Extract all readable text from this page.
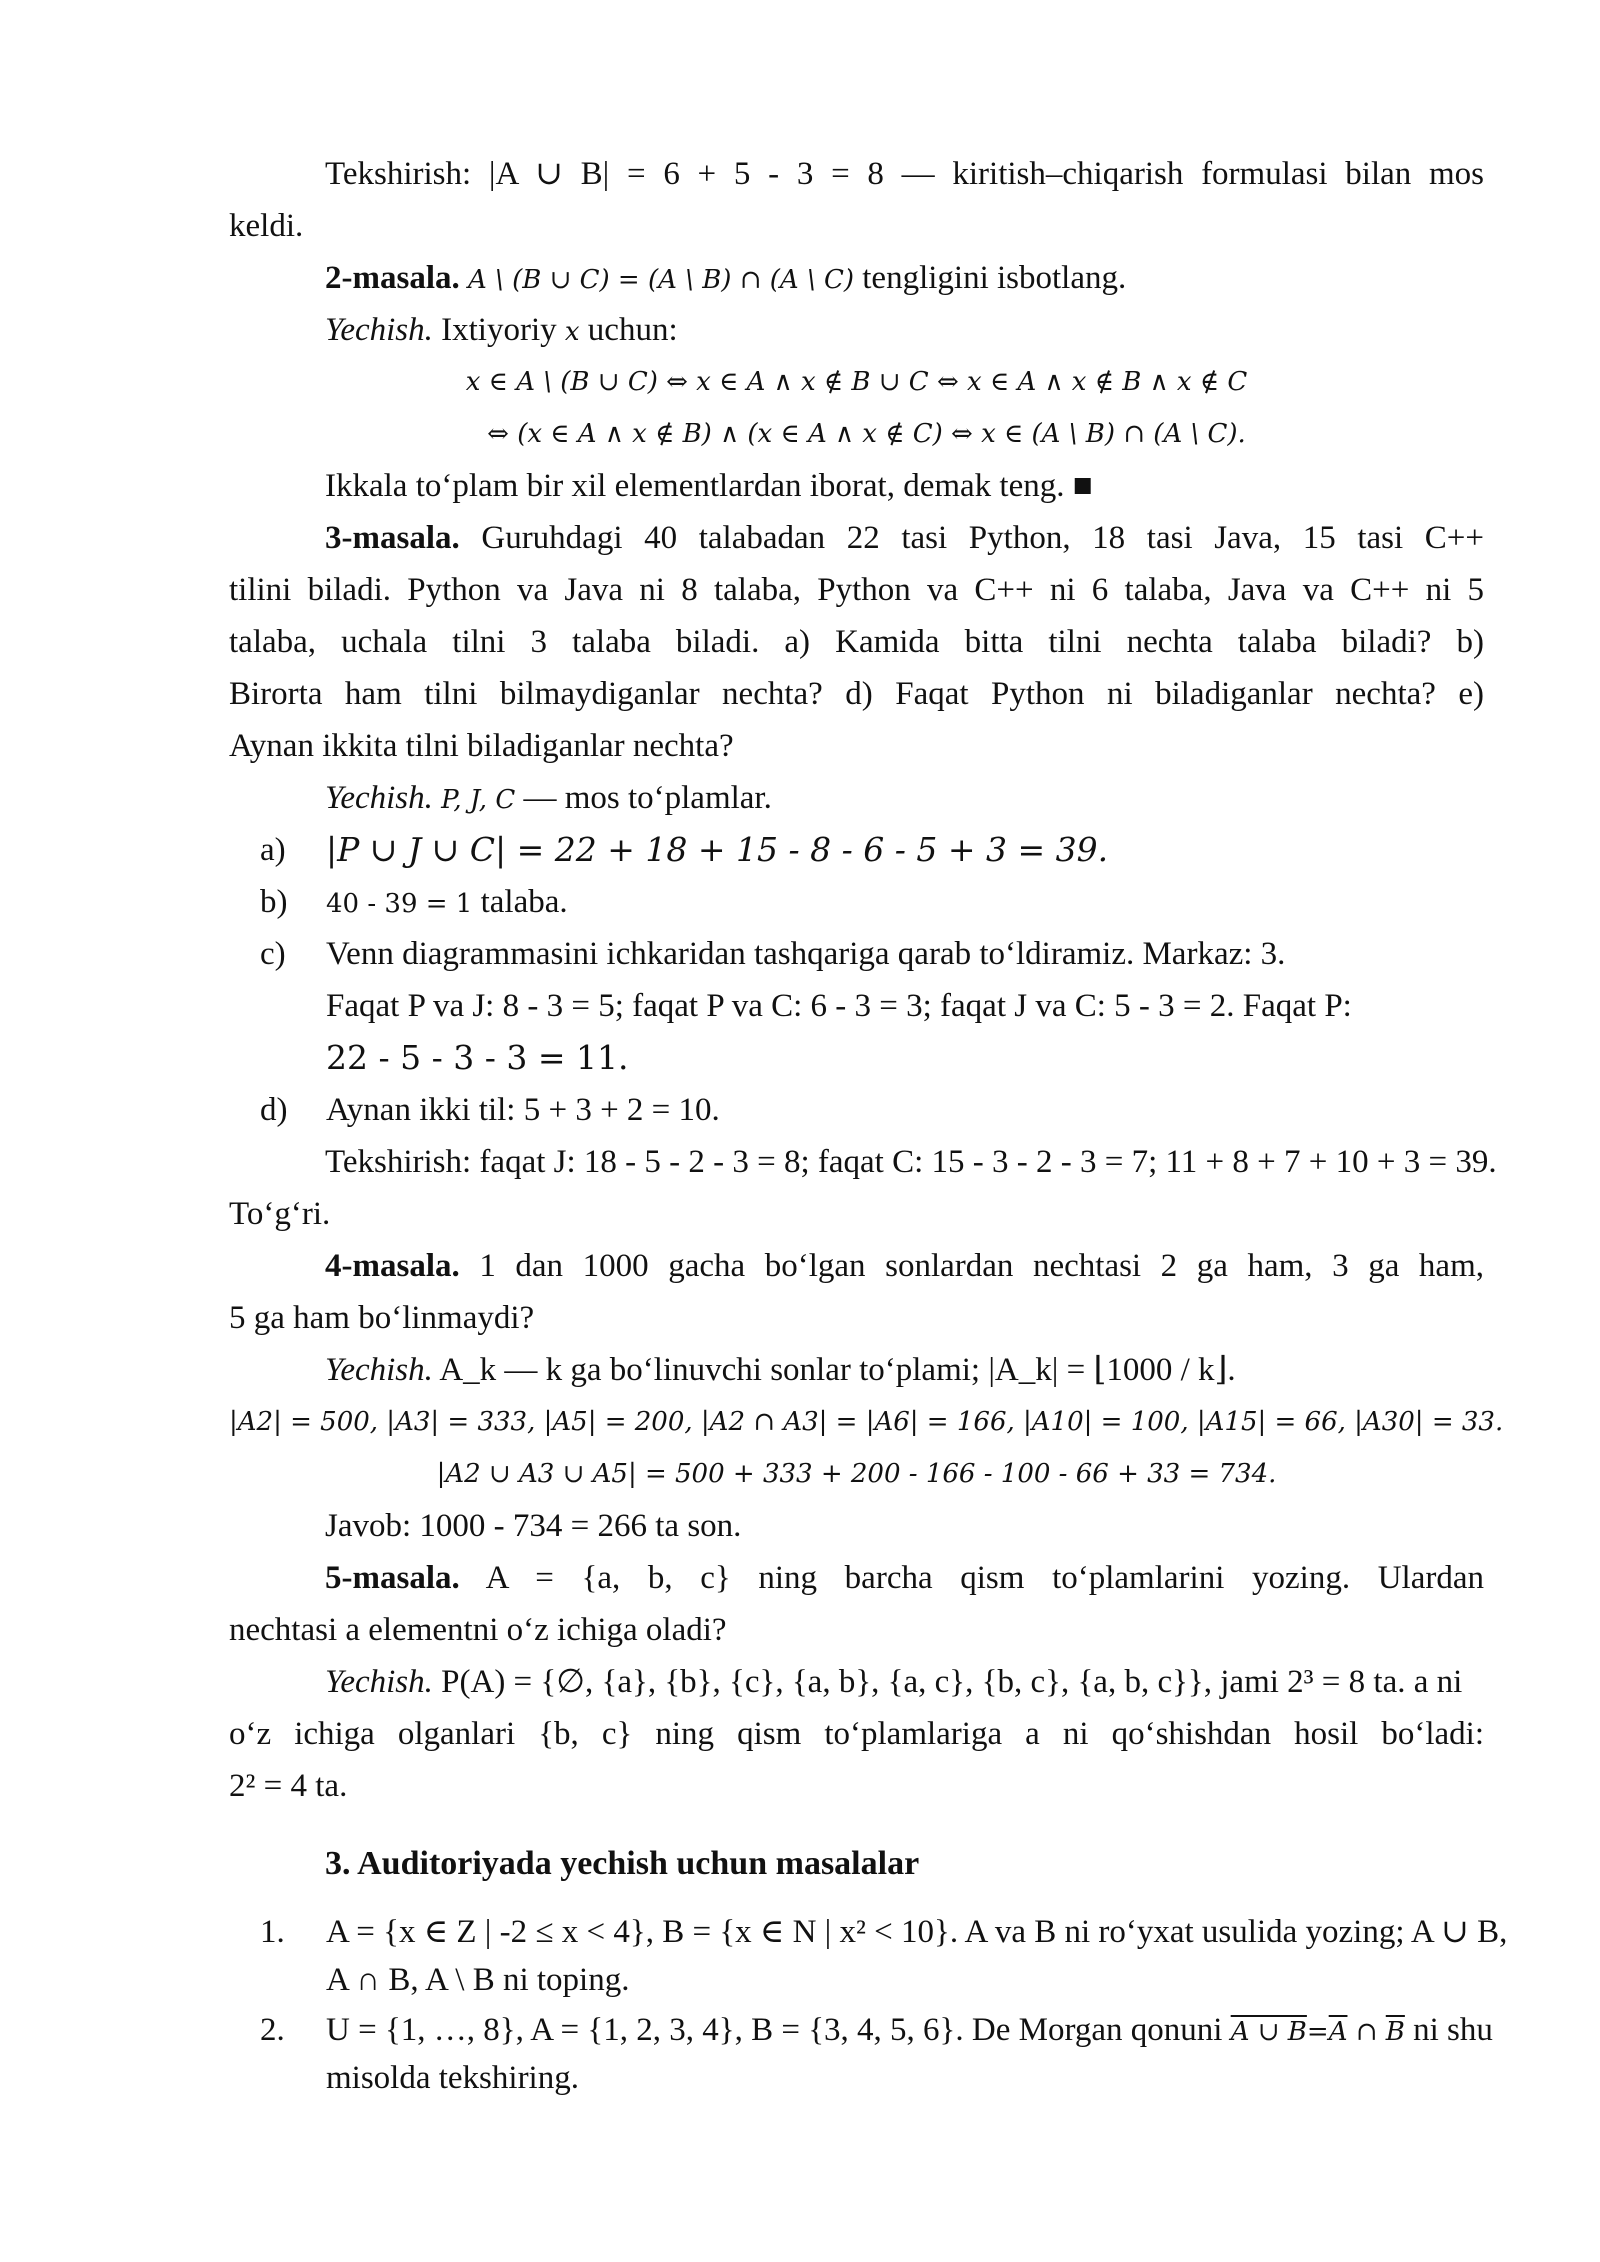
Tekshirish: |A ∪ B| = 6 + 5 - 3 = 8 — kiritish–chiqarish formulasi bilan mos
keldi.
2-masala. A \ (B ∪ C) = (A \ B) ∩ (A \ C) tengligini isbotlang.
Yechish. Ixtiyoriy x uchun:
x ∈ A \ (B ∪ C) ⇔ x ∈ A ∧ x ∉ B ∪ C ⇔ x ∈ A ∧ x ∉ B ∧ x ∉ C
⇔ (x ∈ A ∧ x ∉ B) ∧ (x ∈ A ∧ x ∉ C) ⇔ x ∈ (A \ B) ∩ (A \ C).
Ikkala to‘plam bir xil elementlardan iborat, demak teng. ■
3-masala. Guruhdagi 40 talabadan 22 tasi Python, 18 tasi Java, 15 tasi C++
tilini biladi. Python va Java ni 8 talaba, Python va C++ ni 6 talaba, Java va C++ ni 5
talaba, uchala tilni 3 talaba biladi. a) Kamida bitta tilni nechta talaba biladi? b)
Birorta ham tilni bilmaydiganlar nechta? d) Faqat Python ni biladiganlar nechta? e)
Aynan ikkita tilni biladiganlar nechta?
Yechish. P, J, C — mos to‘plamlar.
a)	|P ∪ J ∪ C| = 22 + 18 + 15 - 8 - 6 - 5 + 3 = 39.
b)	40 - 39 = 1 talaba.
c)	Venn diagrammasini ichkaridan tashqariga qarab to‘ldiramiz. Markaz: 3.
Faqat P va J: 8 - 3 = 5; faqat P va C: 6 - 3 = 3; faqat J va C: 5 - 3 = 2. Faqat P:
22 - 5 - 3 - 3 = 11.
d)	Aynan ikki til: 5 + 3 + 2 = 10.
Tekshirish: faqat J: 18 - 5 - 2 - 3 = 8; faqat C: 15 - 3 - 2 - 3 = 7; 11 + 8 + 7 + 10 + 3 = 39.
To‘g‘ri.
4-masala. 1 dan 1000 gacha bo‘lgan sonlardan nechtasi 2 ga ham, 3 ga ham,
5 ga ham bo‘linmaydi?
Yechish. A_k — k ga bo‘linuvchi sonlar to‘plami; |A_k| = ⌊1000 / k⌋.
|A2| = 500, |A3| = 333, |A5| = 200, |A2 ∩ A3| = |A6| = 166, |A10| = 100, |A15| = 66, |A30| = 33.
|A2 ∪ A3 ∪ A5| = 500 + 333 + 200 - 166 - 100 - 66 + 33 = 734.
Javob: 1000 - 734 = 266 ta son.
5-masala. A = {a, b, c} ning barcha qism to‘plamlarini yozing. Ulardan
nechtasi a elementni o‘z ichiga oladi?
Yechish. P(A) = {∅, {a}, {b}, {c}, {a, b}, {a, c}, {b, c}, {a, b, c}}, jami 2³ = 8 ta. a ni
o‘z ichiga olganlari {b, c} ning qism to‘plamlariga a ni qo‘shishdan hosil bo‘ladi:
2² = 4 ta.
3. Auditoriyada yechish uchun masalalar
1.	A = {x ∈ Z | -2 ≤ x < 4}, B = {x ∈ N | x² < 10}. A va B ni ro‘yxat usulida yozing; A ∪ B,
A ∩ B, A \ B ni toping.
2.	U = {1, …, 8}, A = {1, 2, 3, 4}, B = {3, 4, 5, 6}. De Morgan qonuni A ∪ $B=\overline{A}$ ∩ $\overline{B}$ ni shu
misolda tekshiring.
